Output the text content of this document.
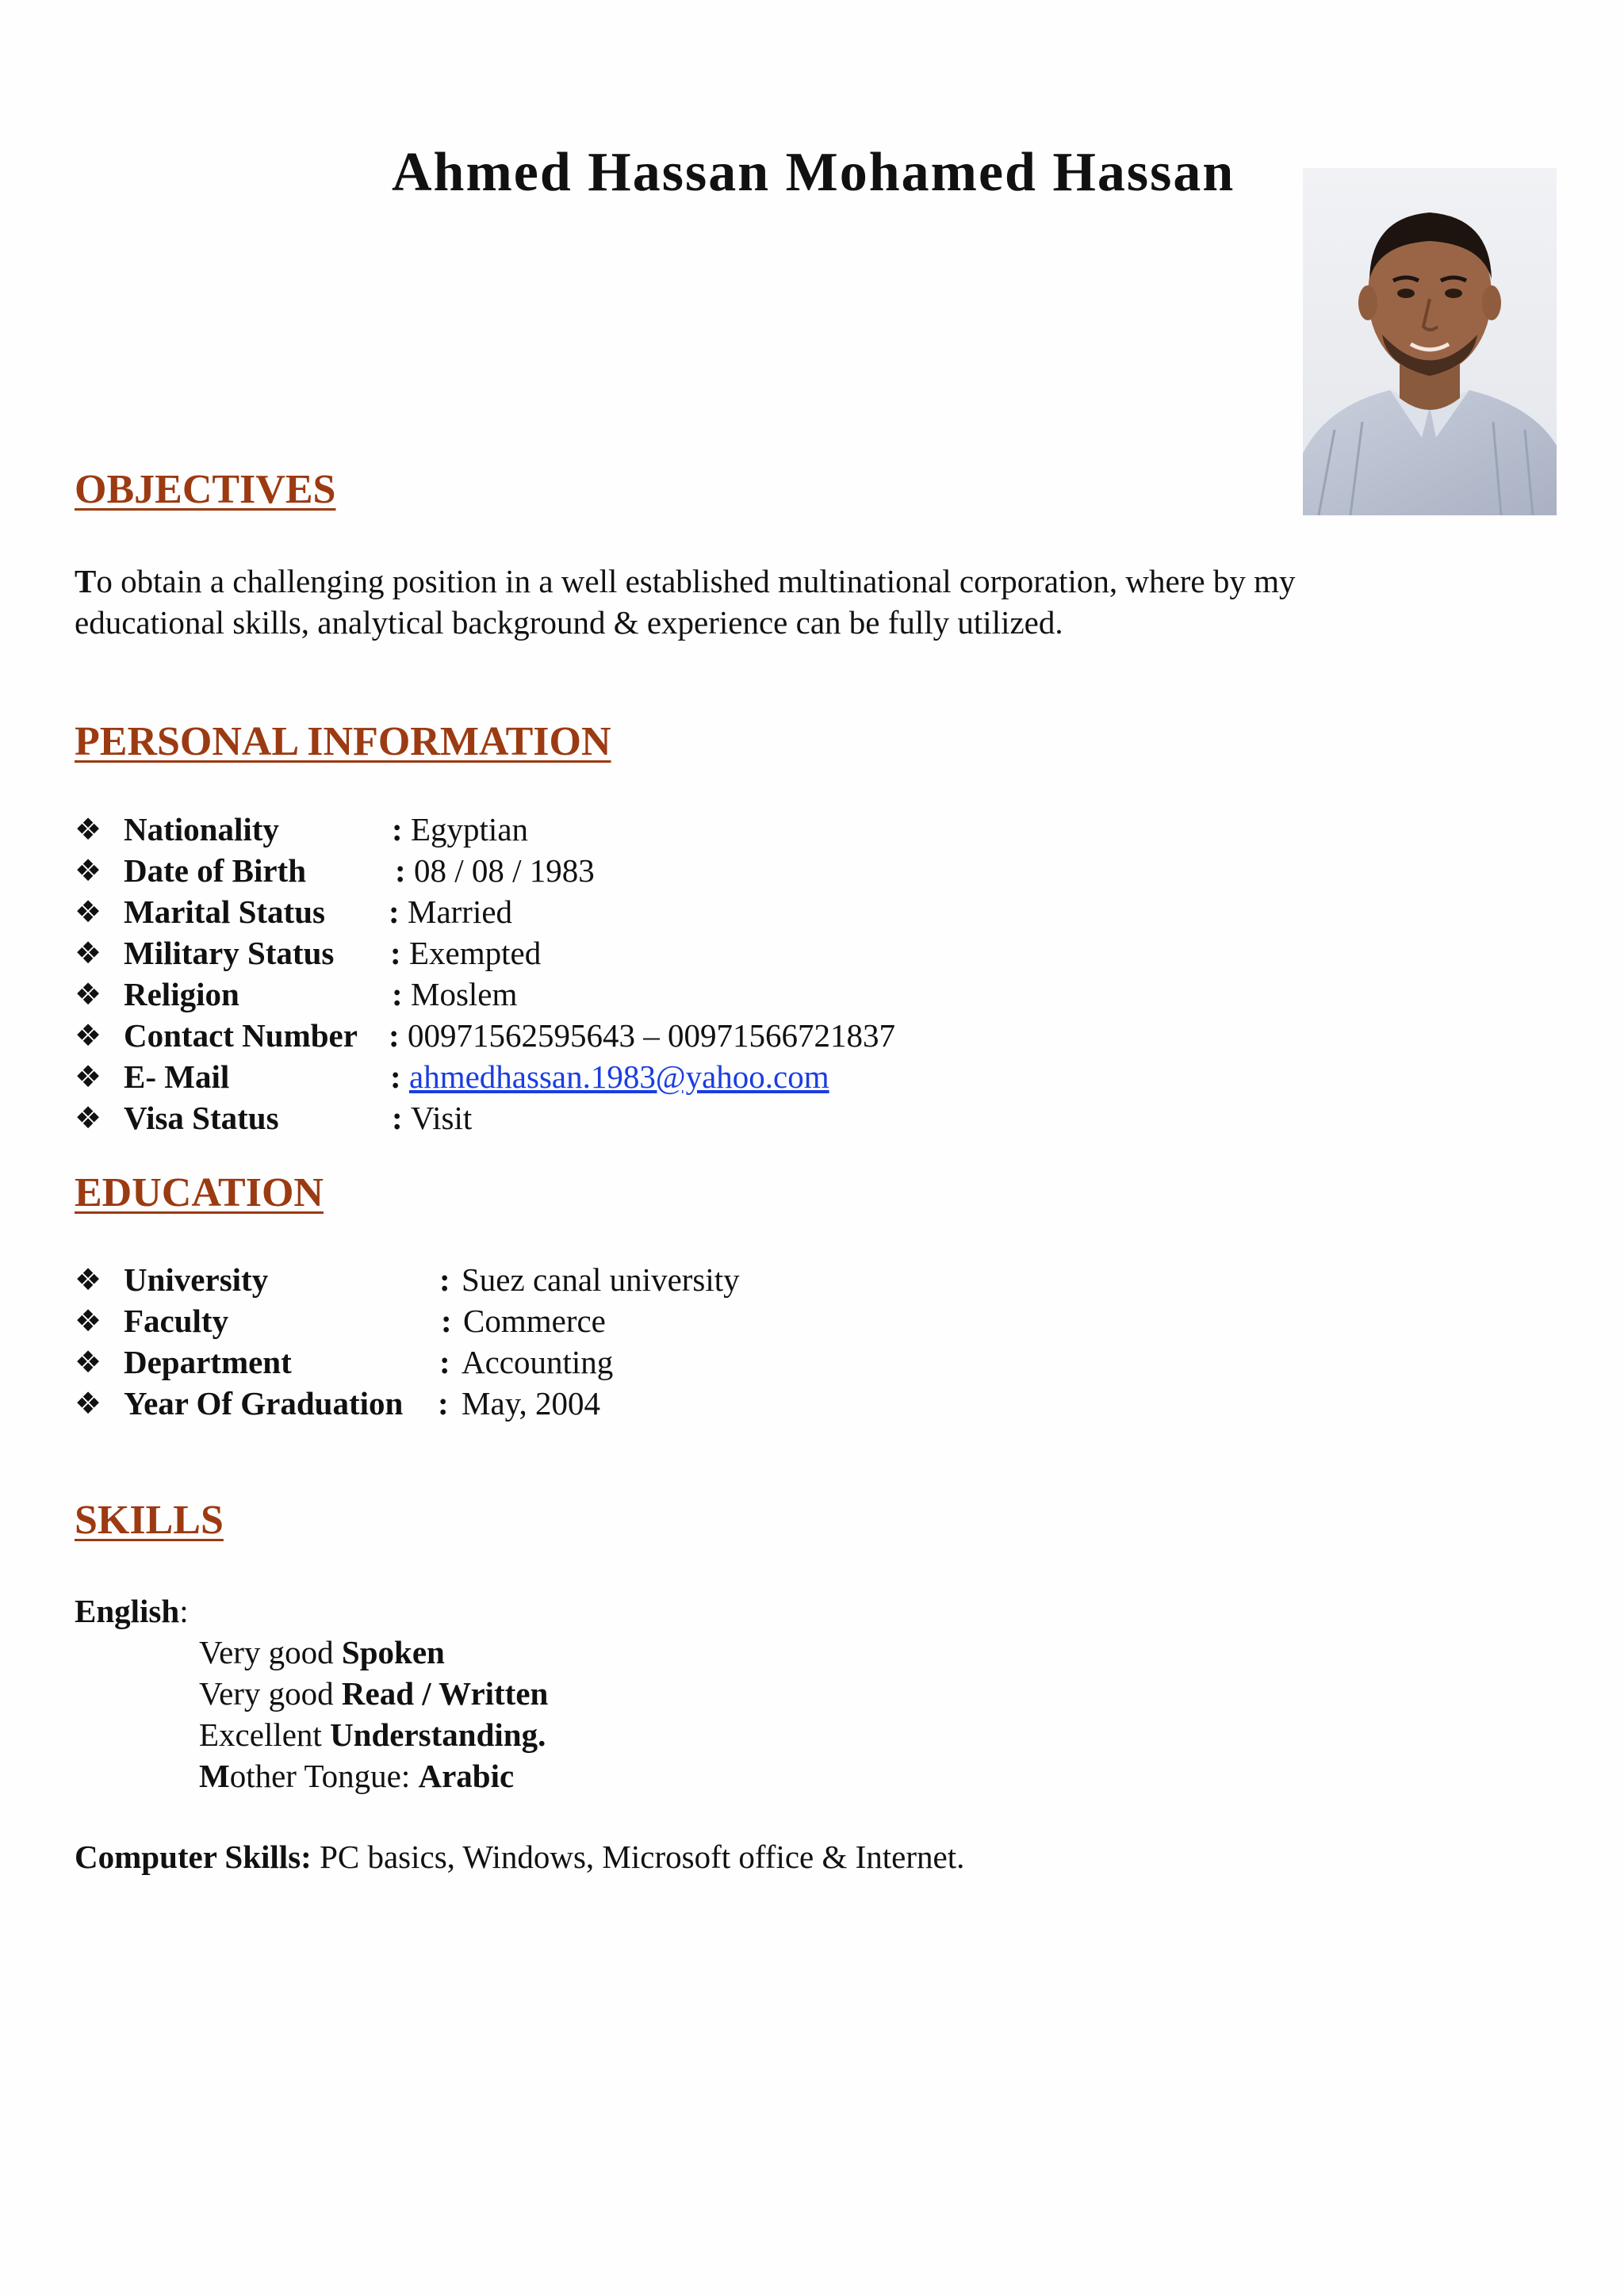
Ahmed Hassan Mohamed Hassan
OBJECTIVES
To obtain a challenging position in a well established multinational corporation, where by my
educational skills, analytical background & experience can be fully utilized.
PERSONAL INFORMATION
❖ Nationality	: Egyptian
❖ Date of Birth	: 08 / 08 / 1983
❖ Marital Status : Married
❖ Military Status : Exempted
❖ Religion	: Moslem
❖ Contact Number : 00971562595643 – 00971566721837
❖ E- Mail	: ahmedhassan.1983@yahoo.com
❖ Visa Status	: Visit
EDUCATION
❖ University	: Suez canal university
❖ Faculty	: Commerce
❖ Department	: Accounting
❖ Year Of Graduation : May, 2004
SKILLS
English:
Very good Spoken
Very good Read / Written
Excellent Understanding.
Mother Tongue: Arabic
Computer Skills: PC basics, Windows, Microsoft office & Internet.
